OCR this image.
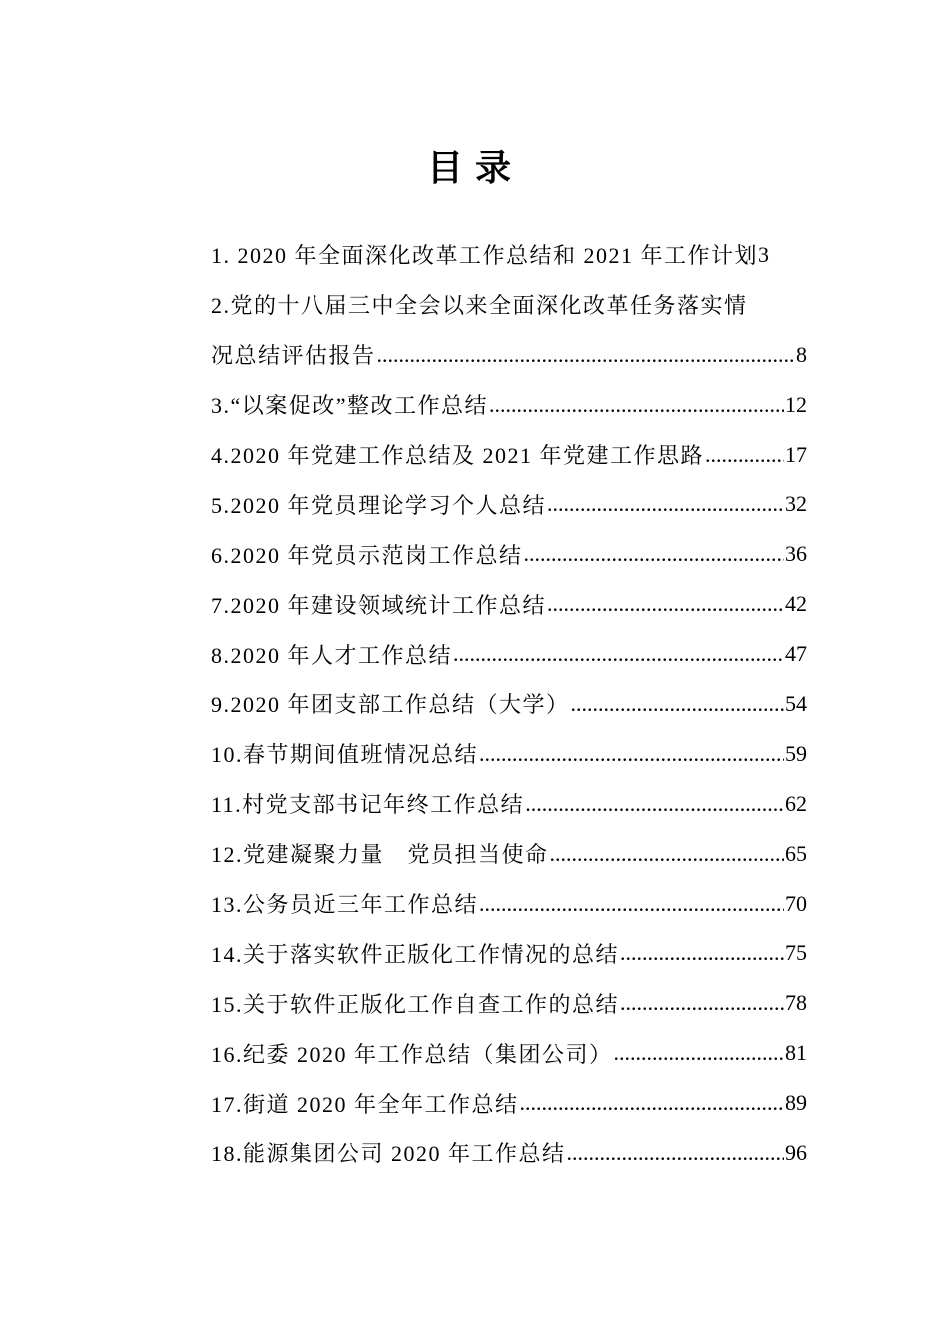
目录
1. 2020 年全面深化改革工作总结和 2021 年工作计划 3
2.党的十八届三中全会以来全面深化改革任务落实情
况总结评估报告 .....	8
3.“以案促改”整改工作总结 .....	12
4.2020 年党建工作总结及 2021 年党建工作思路 .....	17
5.2020 年党员理论学习个人总结 .....	32
6.2020 年党员示范岗工作总结 .....	36
7.2020 年建设领域统计工作总结 .....	42
8.2020 年人才工作总结 .....	47
9.2020 年团支部工作总结（大学） .....	54
10.春节期间值班情况总结 .....	59
11.村党支部书记年终工作总结 .....	62
12.党建凝聚力量　党员担当使命 .....	65
13.公务员近三年工作总结 .....	70
14.关于落实软件正版化工作情况的总结 .....	75
15.关于软件正版化工作自查工作的总结 .....	78
16.纪委 2020 年工作总结（集团公司） .....	81
17.街道 2020 年全年工作总结 .....	89
18.能源集团公司 2020 年工作总结 .....	96
